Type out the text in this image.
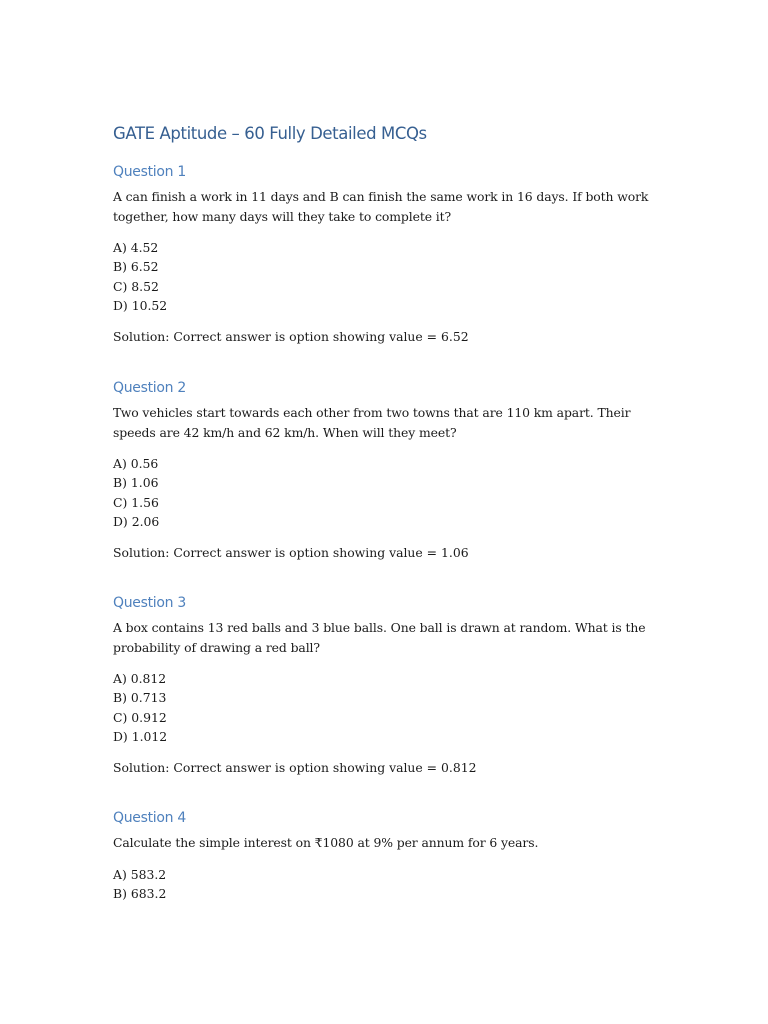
GATE Aptitude – 60 Fully Detailed MCQs
Question 1

A can finish a work in 11 days and B can finish the same work in 16 days. If both work together, how many days will they take to complete it?

A) 4.52
B) 6.52
C) 8.52
D) 10.52

Solution: Correct answer is option showing value = 6.52

Question 2

Two vehicles start towards each other from two towns that are 110 km apart. Their speeds are 42 km/h and 62 km/h. When will they meet?

A) 0.56
B) 1.06
C) 1.56
D) 2.06

Solution: Correct answer is option showing value = 1.06

Question 3

A box contains 13 red balls and 3 blue balls. One ball is drawn at random. What is the probability of drawing a red ball?

A) 0.812
B) 0.713
C) 0.912
D) 1.012

Solution: Correct answer is option showing value = 0.812

Question 4

Calculate the simple interest on ₹1080 at 9% per annum for 6 years.

A) 583.2
B) 683.2
